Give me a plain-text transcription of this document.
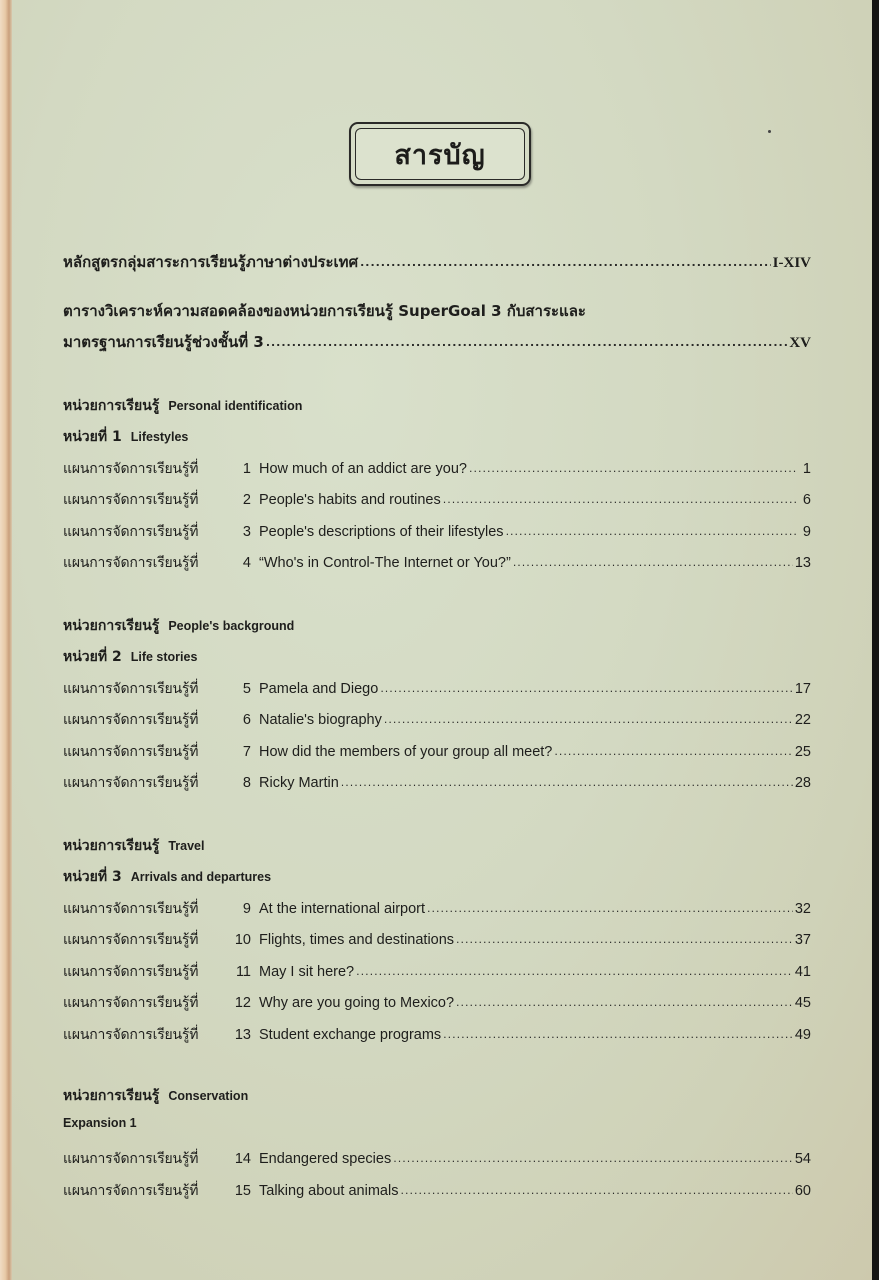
สารบัญ
หลักสูตรกลุ่มสาระการเรียนรู้ภาษาต่างประเทศ .....	I-XIV
ตารางวิเคราะห์ความสอดคล้องของหน่วยการเรียนรู้ SuperGoal 3 กับสาระและ
มาตรฐานการเรียนรู้ช่วงชั้นที่ 3 .....	XV
หน่วยการเรียนรู้ Personal identification
หน่วยที่ 1 Lifestyles
แผนการจัดการเรียนรู้ที่	1 How much of an addict are you? .....	1
แผนการจัดการเรียนรู้ที่	2 People's habits and routines .....	6
แผนการจัดการเรียนรู้ที่	3 People's descriptions of their lifestyles .....	9
แผนการจัดการเรียนรู้ที่	4 “Who's in Control-The Internet or You?” .....	13
หน่วยการเรียนรู้ People's background
หน่วยที่ 2 Life stories
แผนการจัดการเรียนรู้ที่	5 Pamela and Diego .....	17
แผนการจัดการเรียนรู้ที่	6 Natalie's biography .....	22
แผนการจัดการเรียนรู้ที่	7 How did the members of your group all meet? .....	25
แผนการจัดการเรียนรู้ที่	8 Ricky Martin .....	28
หน่วยการเรียนรู้ Travel
หน่วยที่ 3 Arrivals and departures
แผนการจัดการเรียนรู้ที่	9 At the international airport .....	32
แผนการจัดการเรียนรู้ที่	10 Flights, times and destinations .....	37
แผนการจัดการเรียนรู้ที่	11 May I sit here? .....	41
แผนการจัดการเรียนรู้ที่	12 Why are you going to Mexico? .....	45
แผนการจัดการเรียนรู้ที่	13 Student exchange programs .....	49
หน่วยการเรียนรู้ Conservation
Expansion 1
แผนการจัดการเรียนรู้ที่	14 Endangered species .....	54
แผนการจัดการเรียนรู้ที่	15 Talking about animals .....	60
